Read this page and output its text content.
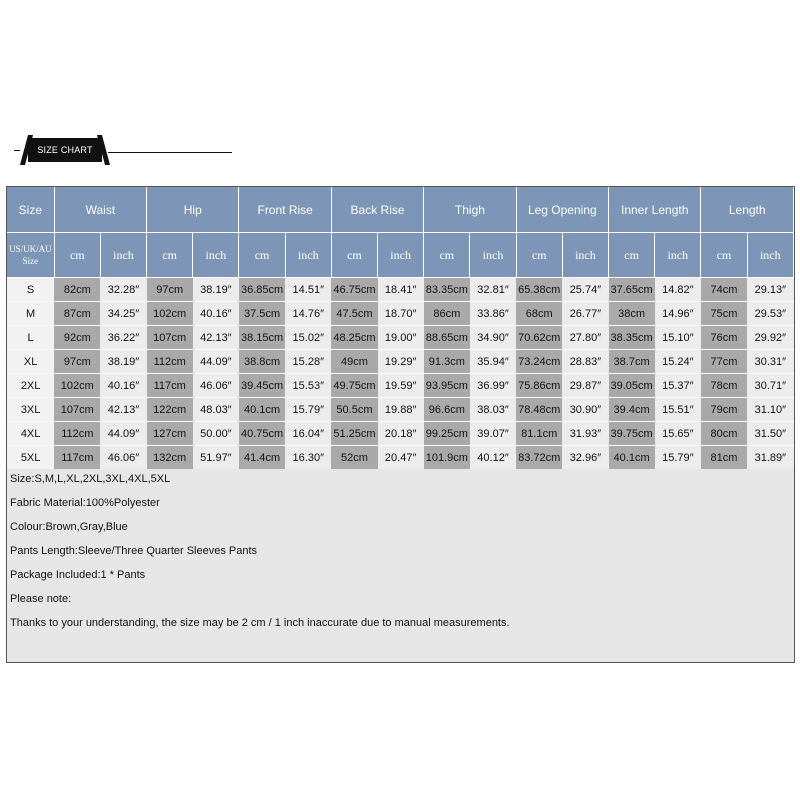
SIZE CHART
Size	Waist		Hip		Front Rise		Back Rise		Thigh		Leg Opening		Inner Length		Length	

US/UK/AU
Size	cm	inch	cm	inch	cm	inch	cm	inch	cm	inch	cm	inch	cm	inch	cm	inch
S	82cm	32.28″	97cm	38.19″	36.85cm	14.51″	46.75cm	18.41″	83.35cm	32.81″	65.38cm	25.74″	37.65cm	14.82″	74cm	29.13″
M	87cm	34.25″	102cm	40.16″	37.5cm	14.76″	47.5cm	18.70″	86cm	33.86″	68cm	26.77″	38cm	14.96″	75cm	29.53″
L	92cm	36.22″	107cm	42.13″	38.15cm	15.02″	48.25cm	19.00″	88.65cm	34.90″	70.62cm	27.80″	38.35cm	15.10″	76cm	29.92″
XL	97cm	38.19″	112cm	44.09″	38.8cm	15.28″	49cm	19.29″	91.3cm	35.94″	73.24cm	28.83″	38.7cm	15.24″	77cm	30.31″
2XL	102cm	40.16″	117cm	46.06″	39.45cm	15.53″	49.75cm	19.59″	93.95cm	36.99″	75.86cm	29.87″	39.05cm	15.37″	78cm	30.71″
3XL	107cm	42.13″	122cm	48.03″	40.1cm	15.79″	50.5cm	19.88″	96.6cm	38.03″	78.48cm	30.90″	39.4cm	15.51″	79cm	31.10″
4XL	112cm	44.09″	127cm	50.00″	40.75cm	16.04″	51.25cm	20.18″	99.25cm	39.07″	81.1cm	31.93″	39.75cm	15.65″	80cm	31.50″
5XL	117cm	46.06″	132cm	51.97″	41.4cm	16.30″	52cm	20.47″	101.9cm	40.12″	83.72cm	32.96″	40.1cm	15.79″	81cm	31.89″
Size:S,M,L,XL,2XL,3XL,4XL,5XL
Fabric Material:100%Polyester
Colour:Brown,Gray,Blue
Pants Length:Sleeve/Three Quarter Sleeves Pants
Package Included:1 * Pants
Please note:
Thanks to your understanding, the size may be 2 cm / 1 inch inaccurate due to manual measurements.
